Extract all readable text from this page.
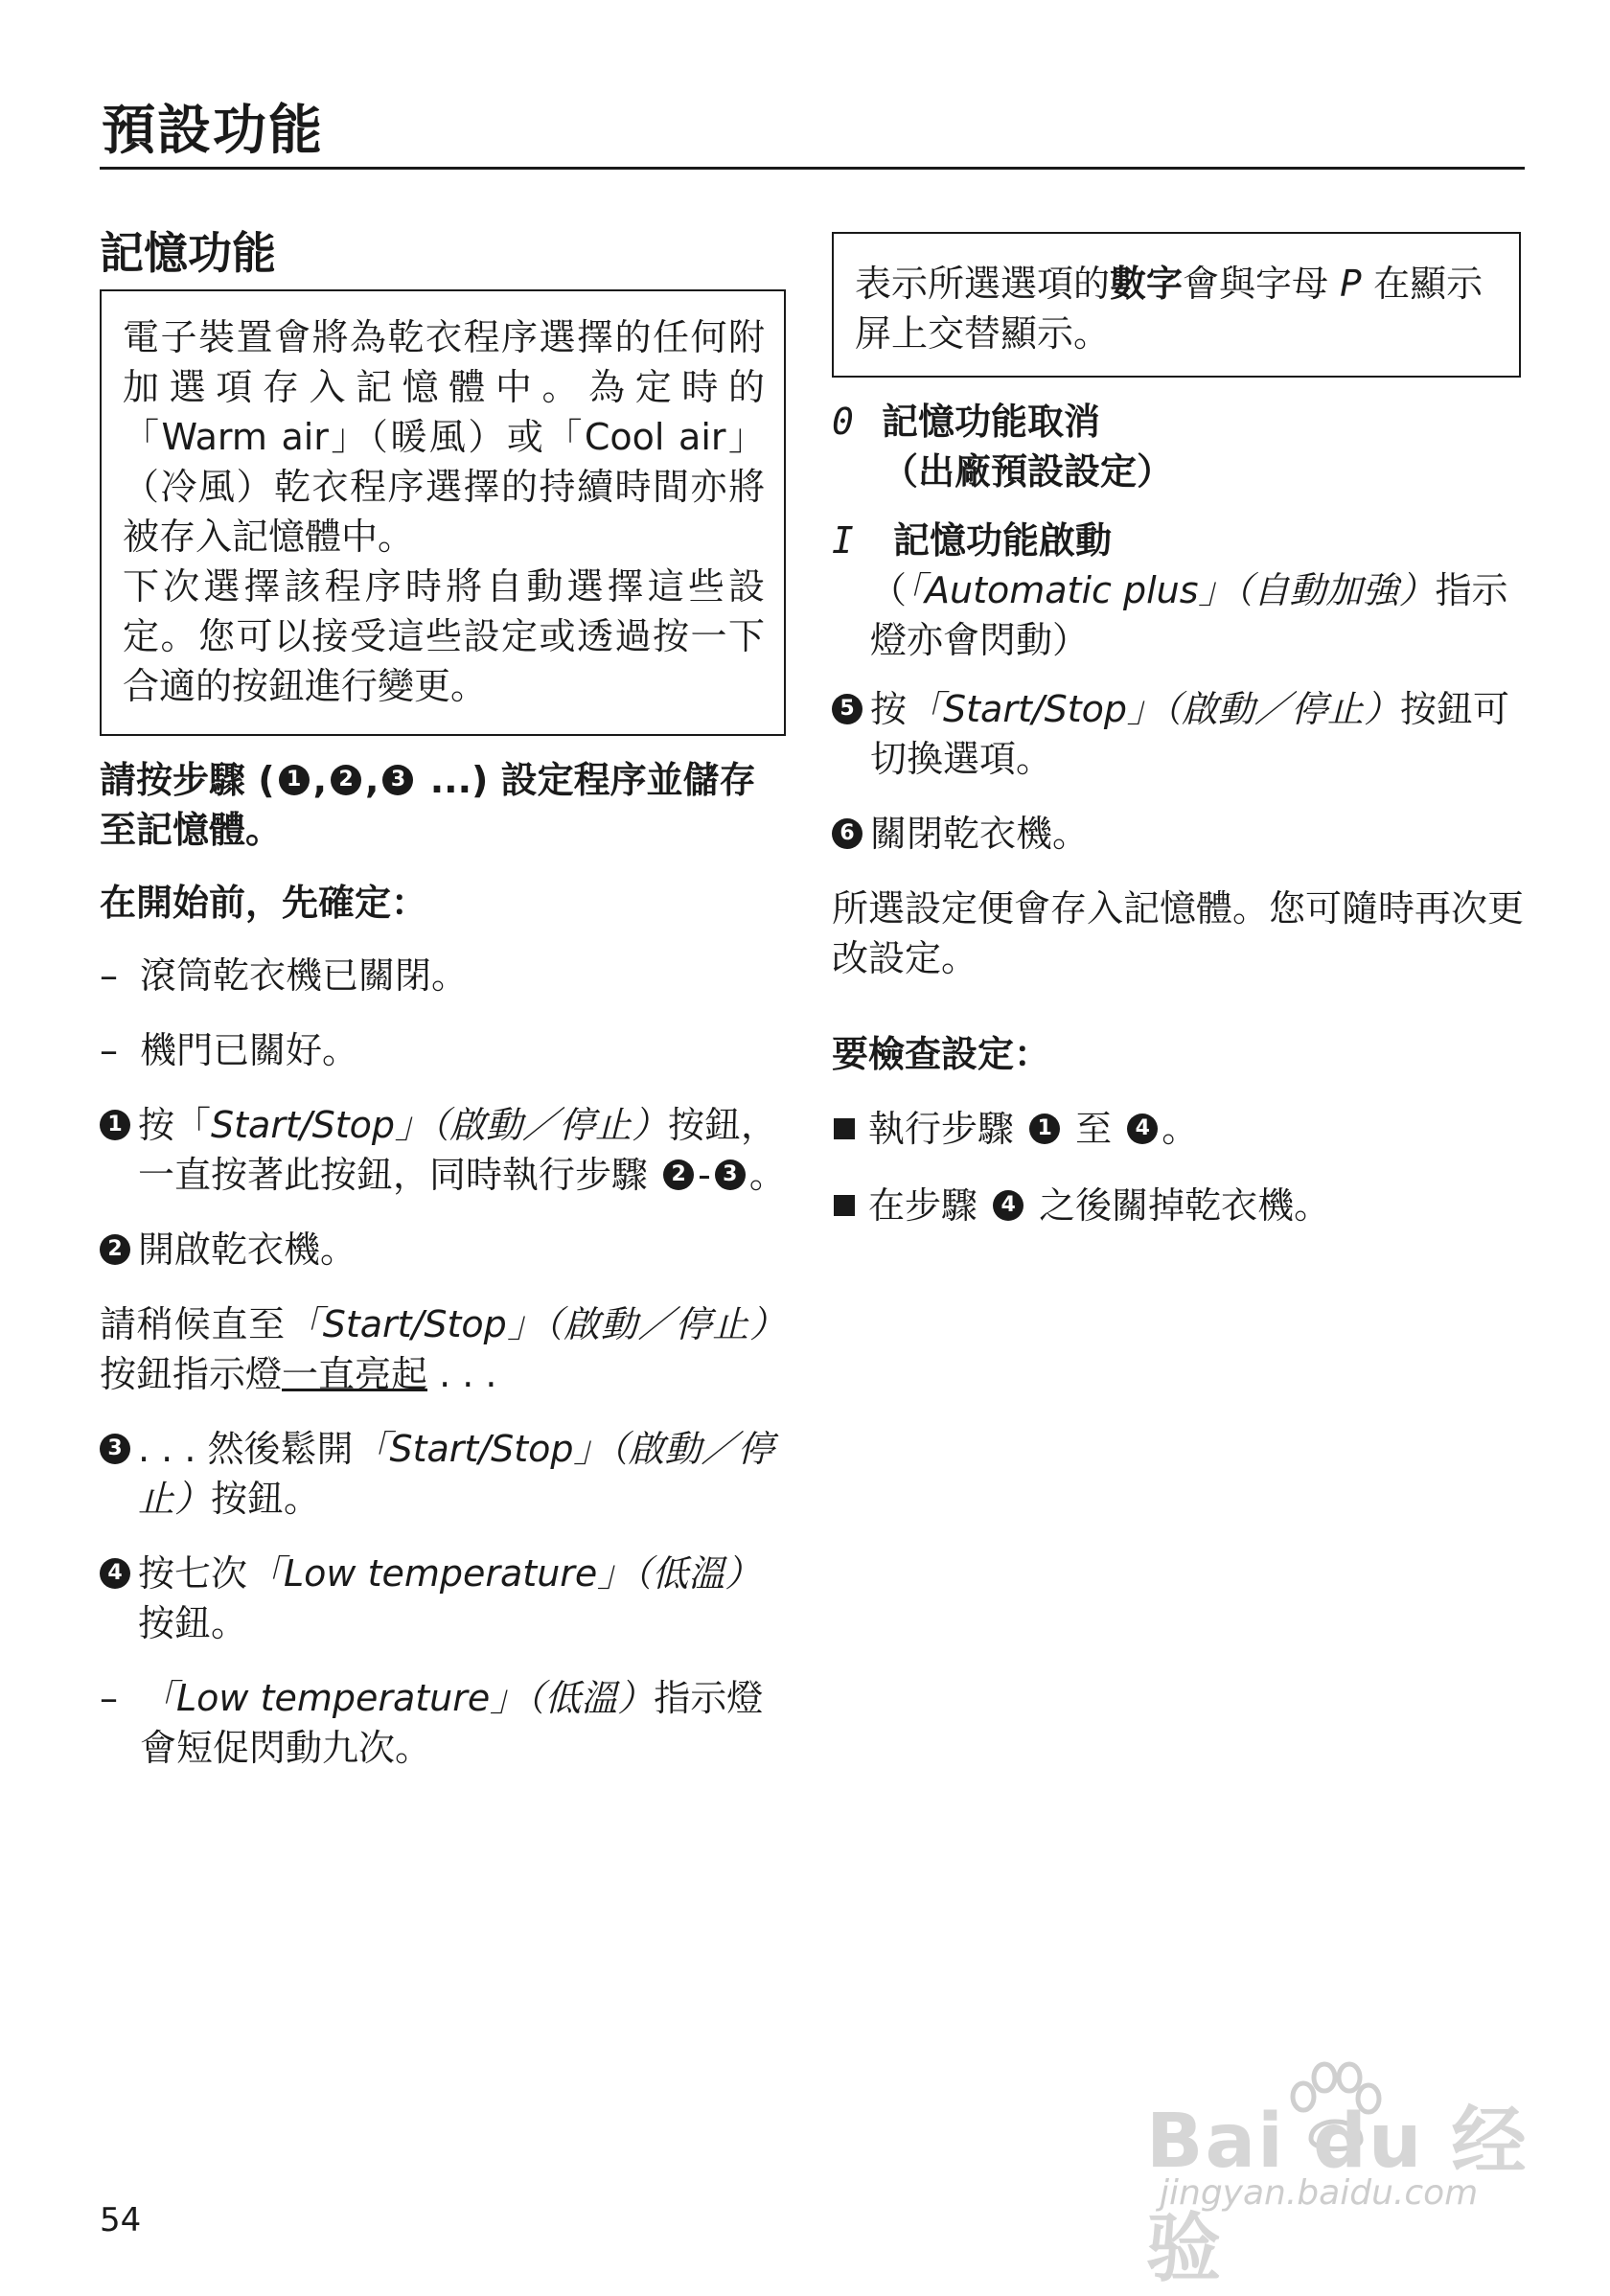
預設功能
記憶功能

電子裝置會將為乾衣程序選擇的任何附加選項存入記憶體中。為定時的「Warm air」（暖風）或「Cool air」（冷風）乾衣程序選擇的持續時間亦將被存入記憶體中。

下次選擇該程序時將自動選擇這些設定。您可以接受這些設定或透過按一下合適的按鈕進行變更。

請按步驟 ( 1 , 2 , 3 ...) 設定程序並儲存至記憶體。

在開始前，先確定：

– 滾筒乾衣機已關閉。
– 機門已關好。
1 按「Start/Stop」（啟動／停止）按鈕，一直按著此按鈕，同時執行步驟 2 - 3 。
2 開啟乾衣機。

請稍候直至「Start/Stop」（啟動／停止）按鈕指示燈一直亮起 . . .

3 . . . 然後鬆開「Start/Stop」（啟動／停止）按鈕。
4 按七次「Low temperature」（低溫）按鈕。
– 「Low temperature」（低溫）指示燈會短促閃動九次。

表示所選選項的數字會與字母 P 在顯示屏上交替顯示。

0 記憶功能取消
（出廠預設設定）
I	記憶功能啟動
（「Automatic plus」（自動加強）指示燈亦會閃動）
5 按「Start/Stop」（啟動／停止）按鈕可切換選項。
6 關閉乾衣機。

所選設定便會存入記憶體。您可隨時再次更改設定。

要檢查設定：

執行步驟 1 至 4 。
在步驟 4 之後關掉乾衣機。
54
Bai du 经验
jingyan.baidu.com
